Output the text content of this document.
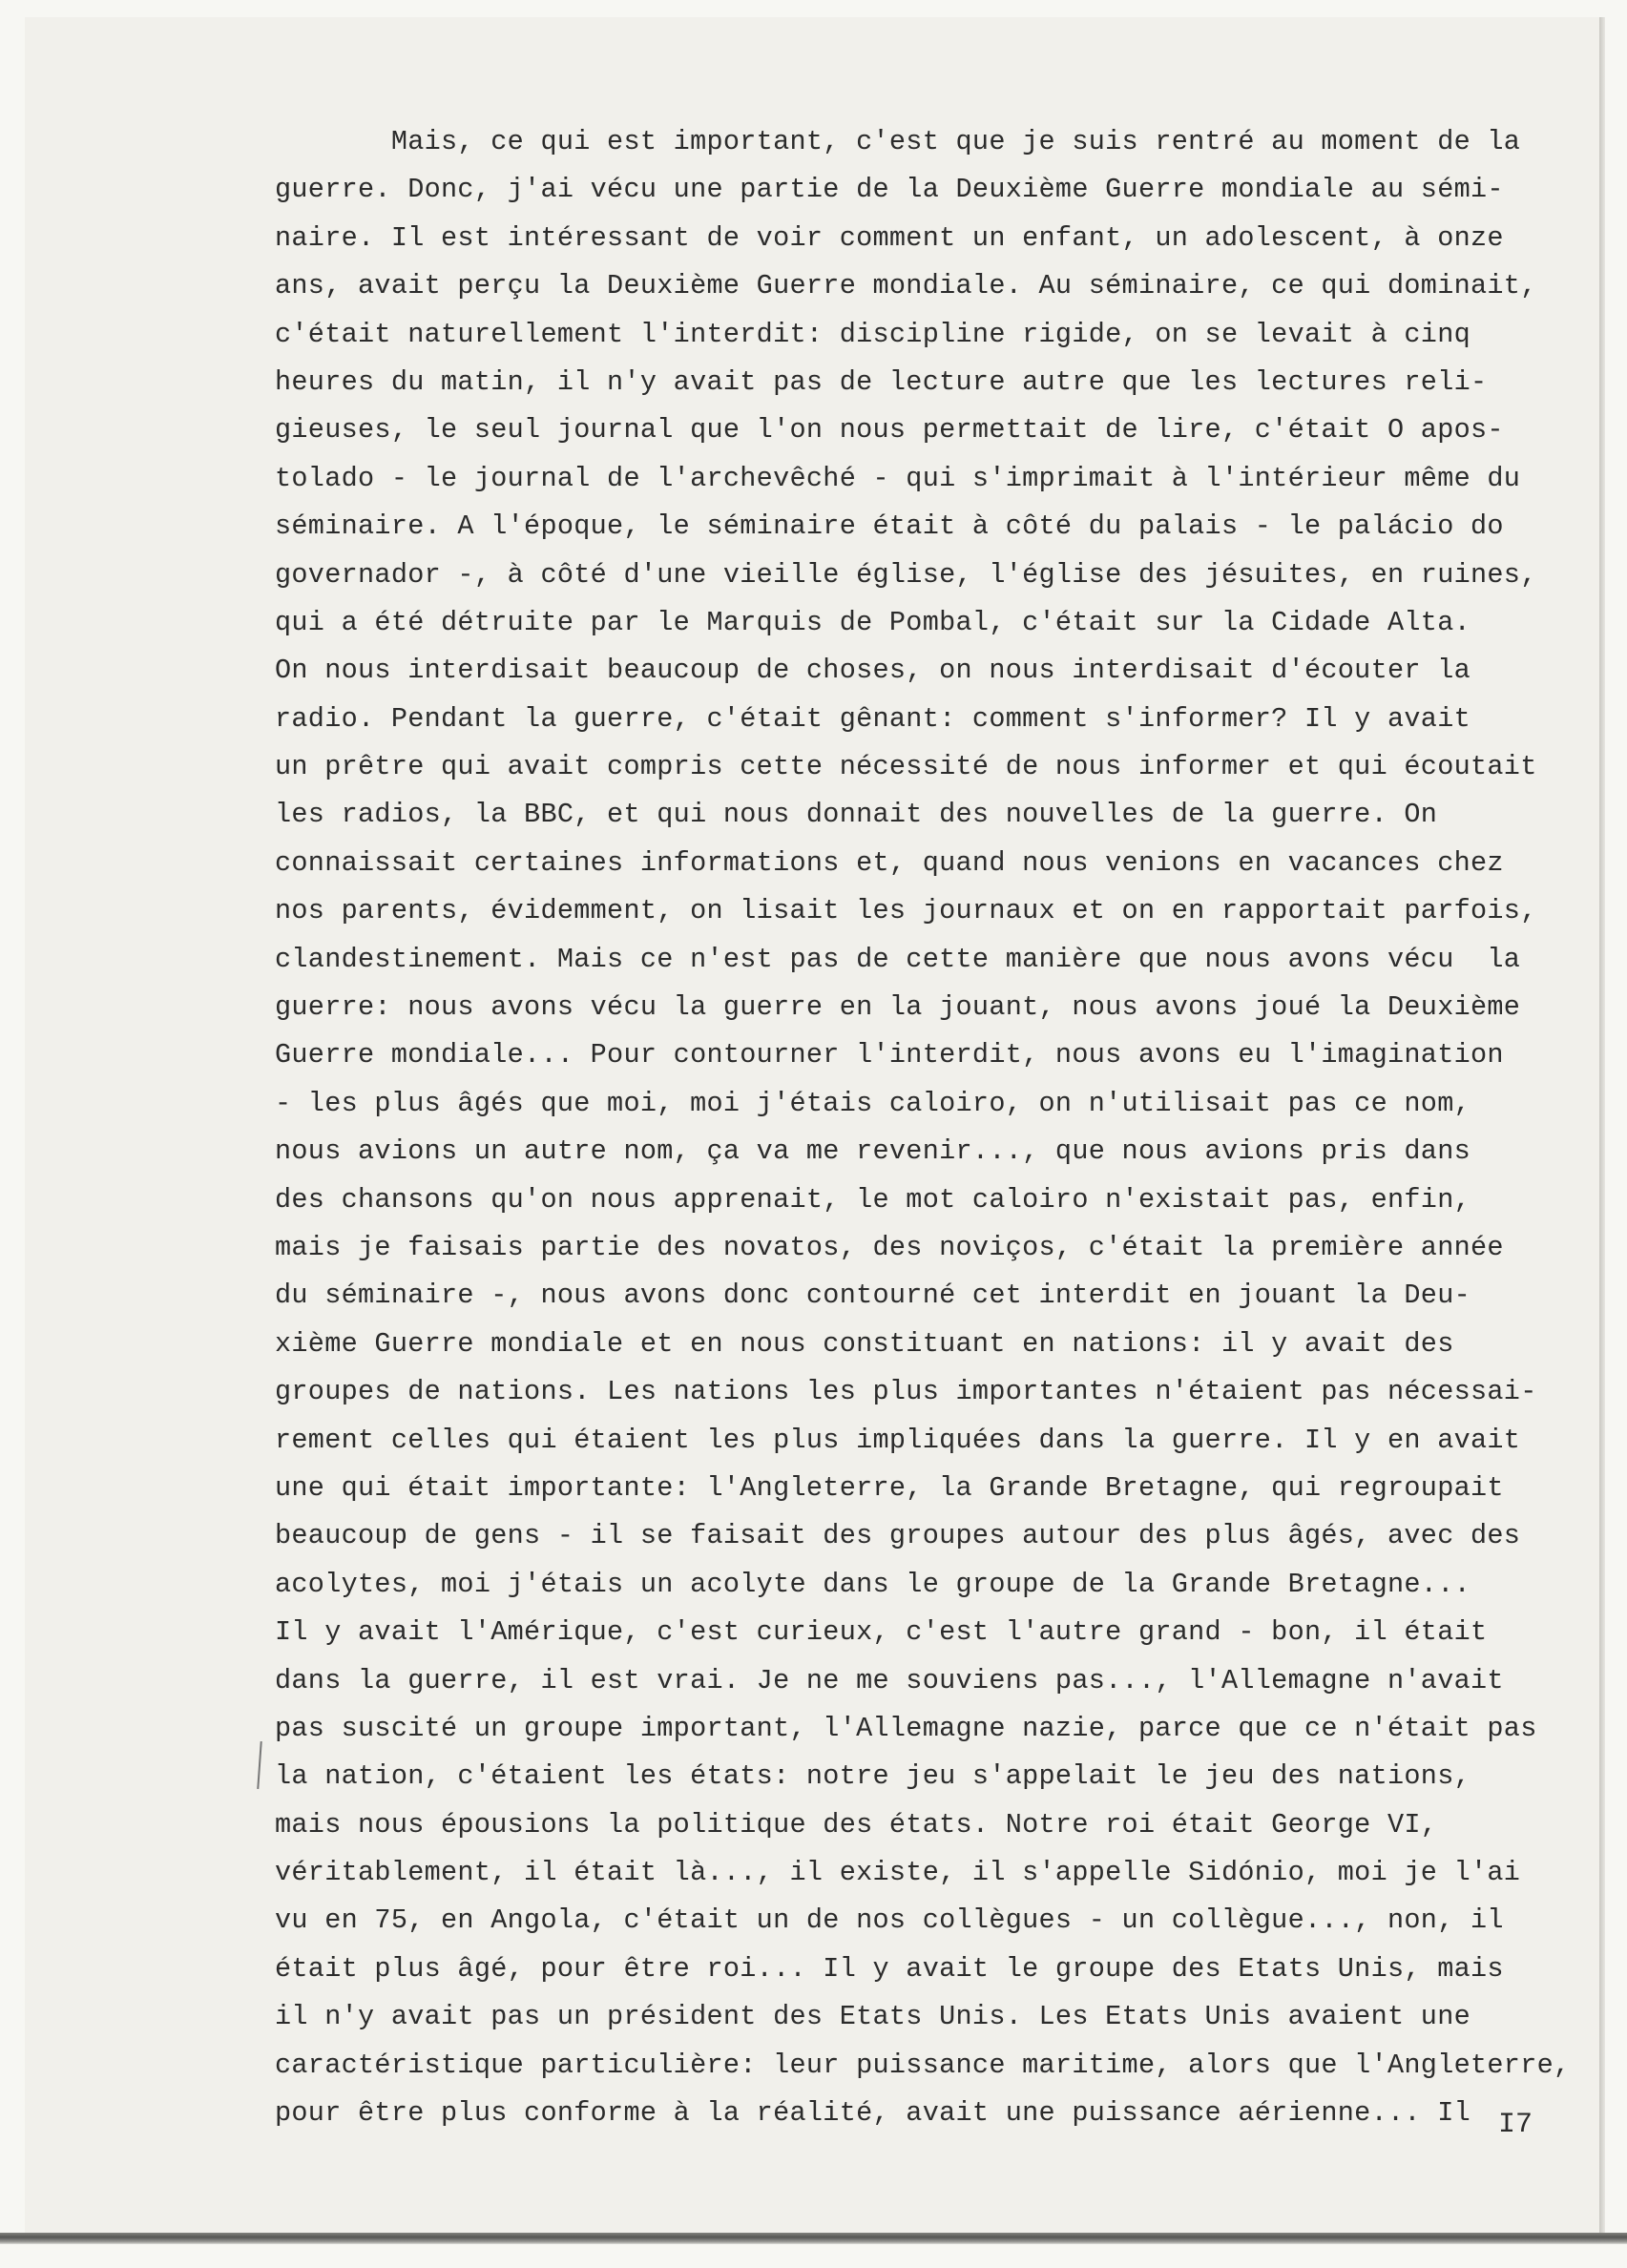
Mais, ce qui est important, c'est que je suis rentré au moment de la
guerre. Donc, j'ai vécu une partie de la Deuxième Guerre mondiale au sémi-
naire. Il est intéressant de voir comment un enfant, un adolescent, à onze
ans, avait perçu la Deuxième Guerre mondiale. Au séminaire, ce qui dominait,
c'était naturellement l'interdit: discipline rigide, on se levait à cinq
heures du matin, il n'y avait pas de lecture autre que les lectures reli-
gieuses, le seul journal que l'on nous permettait de lire, c'était O apos-
tolado - le journal de l'archevêché - qui s'imprimait à l'intérieur même du
séminaire. A l'époque, le séminaire était à côté du palais - le palácio do
governador -, à côté d'une vieille église, l'église des jésuites, en ruines,
qui a été détruite par le Marquis de Pombal, c'était sur la Cidade Alta.
On nous interdisait beaucoup de choses, on nous interdisait d'écouter la
radio. Pendant la guerre, c'était gênant: comment s'informer? Il y avait
un prêtre qui avait compris cette nécessité de nous informer et qui écoutait
les radios, la BBC, et qui nous donnait des nouvelles de la guerre. On
connaissait certaines informations et, quand nous venions en vacances chez
nos parents, évidemment, on lisait les journaux et on en rapportait parfois,
clandestinement. Mais ce n'est pas de cette manière que nous avons vécu  la
guerre: nous avons vécu la guerre en la jouant, nous avons joué la Deuxième
Guerre mondiale... Pour contourner l'interdit, nous avons eu l'imagination
- les plus âgés que moi, moi j'étais caloiro, on n'utilisait pas ce nom,
nous avions un autre nom, ça va me revenir..., que nous avions pris dans
des chansons qu'on nous apprenait, le mot caloiro n'existait pas, enfin,
mais je faisais partie des novatos, des noviços, c'était la première année
du séminaire -, nous avons donc contourné cet interdit en jouant la Deu-
xième Guerre mondiale et en nous constituant en nations: il y avait des
groupes de nations. Les nations les plus importantes n'étaient pas nécessai-
rement celles qui étaient les plus impliquées dans la guerre. Il y en avait
une qui était importante: l'Angleterre, la Grande Bretagne, qui regroupait
beaucoup de gens - il se faisait des groupes autour des plus âgés, avec des
acolytes, moi j'étais un acolyte dans le groupe de la Grande Bretagne...
Il y avait l'Amérique, c'est curieux, c'est l'autre grand - bon, il était
dans la guerre, il est vrai. Je ne me souviens pas..., l'Allemagne n'avait
pas suscité un groupe important, l'Allemagne nazie, parce que ce n'était pas
la nation, c'étaient les états: notre jeu s'appelait le jeu des nations,
mais nous épousions la politique des états. Notre roi était George VI,
véritablement, il était là..., il existe, il s'appelle Sidónio, moi je l'ai
vu en 75, en Angola, c'était un de nos collègues - un collègue..., non, il
était plus âgé, pour être roi... Il y avait le groupe des Etats Unis, mais
il n'y avait pas un président des Etats Unis. Les Etats Unis avaient une
caractéristique particulière: leur puissance maritime, alors que l'Angleterre,
pour être plus conforme à la réalité, avait une puissance aérienne... Il I7
